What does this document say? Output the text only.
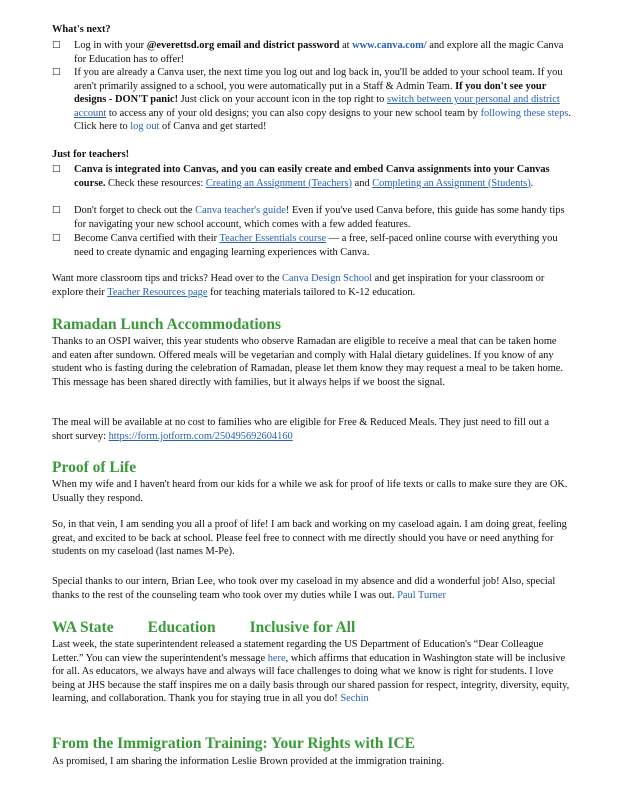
What's next?
□ Log in with your @everettsd.org email and district password at www.canva.com/ and explore all the magic Canva for Education has to offer!
□ If you are already a Canva user, the next time you log out and log back in, you'll be added to your school team. If you aren't primarily assigned to a school, you were automatically put in a Staff & Admin Team. If you don't see your designs - DON'T panic! Just click on your account icon in the top right to switch between your personal and district account to access any of your old designs; you can also copy designs to your new school team by following these steps. Click here to log out of Canva and get started!
Just for teachers!
□ Canva is integrated into Canvas, and you can easily create and embed Canva assignments into your Canvas course. Check these resources: Creating an Assignment (Teachers) and Completing an Assignment (Students).
□ Don't forget to check out the Canva teacher's guide! Even if you've used Canva before, this guide has some handy tips for navigating your new school account, which comes with a few added features.
□ Become Canva certified with their Teacher Essentials course — a free, self-paced online course with everything you need to create dynamic and engaging learning experiences with Canva.
Want more classroom tips and tricks? Head over to the Canva Design School and get inspiration for your classroom or explore their Teacher Resources page for teaching materials tailored to K-12 education.
Ramadan Lunch Accommodations
Thanks to an OSPI waiver, this year students who observe Ramadan are eligible to receive a meal that can be taken home and eaten after sundown. Offered meals will be vegetarian and comply with Halal dietary guidelines. If you know of any student who is fasting during the celebration of Ramadan, please let them know they may request a meal to be taken home. This message has been shared directly with families, but it always helps if we boost the signal.
The meal will be available at no cost to families who are eligible for Free & Reduced Meals. They just need to fill out a short survey: https://form.jotform.com/250495692604160
Proof of Life
When my wife and I haven't heard from our kids for a while we ask for proof of life texts or calls to make sure they are OK. Usually they respond.
So, in that vein, I am sending you all a proof of life! I am back and working on my caseload again. I am doing great, feeling great, and excited to be back at school. Please feel free to connect with me directly should you have or need anything for students on my caseload (last names M-Pe).
Special thanks to our intern, Brian Lee, who took over my caseload in my absence and did a wonderful job! Also, special thanks to the rest of the counseling team who took over my duties while I was out. Paul Turner
WA State Education Inclusive for All
Last week, the state superintendent released a statement regarding the US Department of Education's “Dear Colleague Letter.” You can view the superintendent's message here, which affirms that education in Washington state will be inclusive for all. As educators, we always have and always will face challenges to doing what we know is right for students. I love being at JHS because the staff inspires me on a daily basis through our shared passion for respect, integrity, diversity, equity, learning, and collaboration. Thank you for staying true in all you do! Sechin
From the Immigration Training: Your Rights with ICE
As promised, I am sharing the information Leslie Brown provided at the immigration training.
